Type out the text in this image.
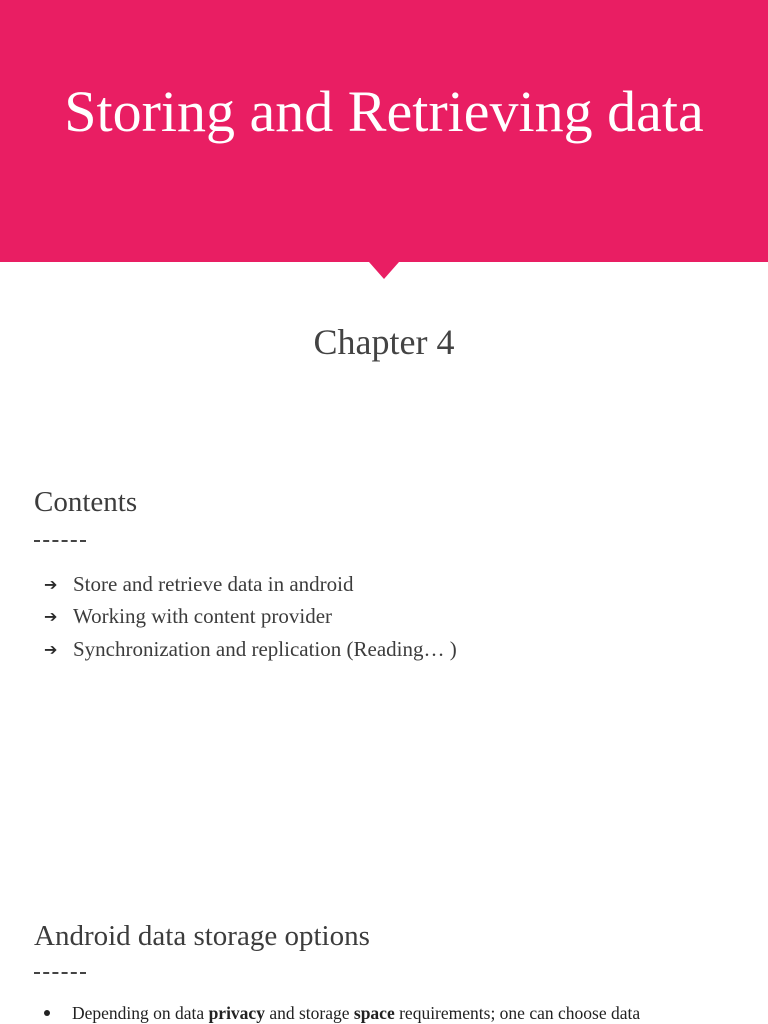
Storing and Retrieving data
Chapter 4
Contents
➔ Store and retrieve data in android
➔ Working with content provider
➔ Synchronization and replication (Reading… )
Android data storage options
Depending on data privacy and storage space requirements; one can choose data
